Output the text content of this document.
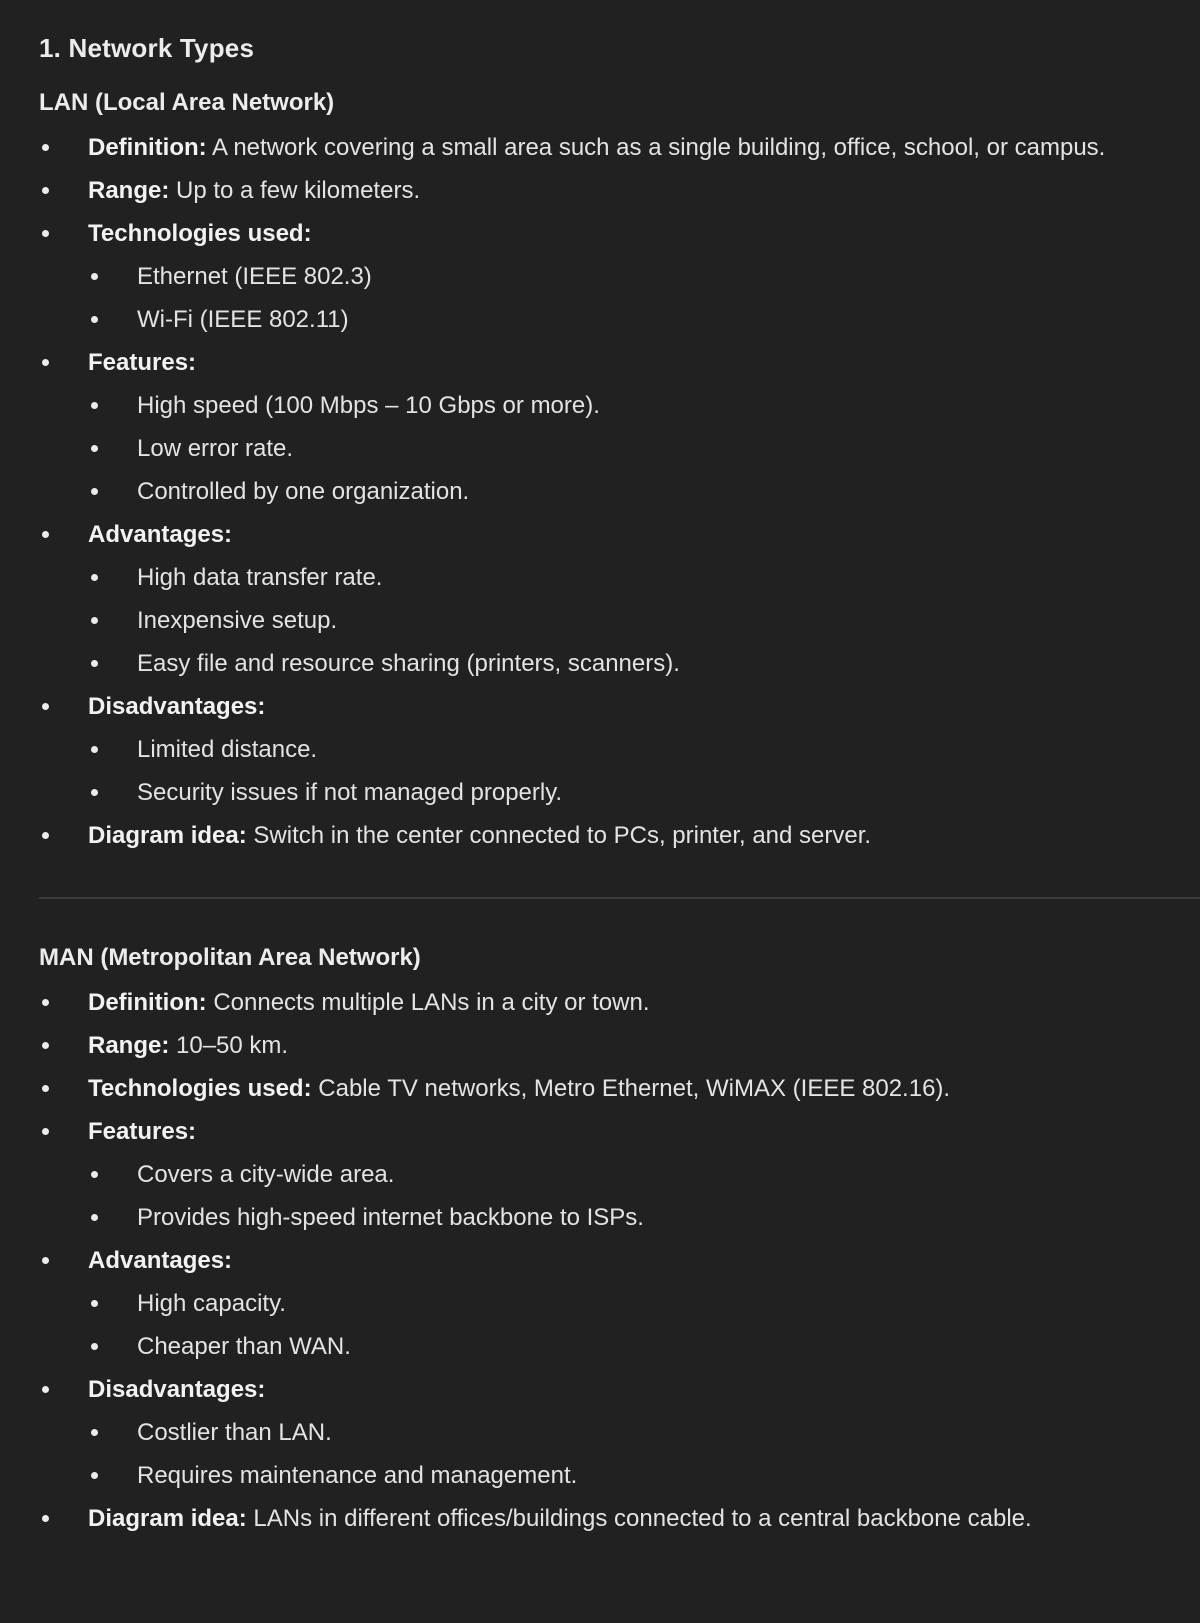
1. Network Types
LAN (Local Area Network)
Definition: A network covering a small area such as a single building, office, school, or campus.
Range: Up to a few kilometers.
Technologies used:
Ethernet (IEEE 802.3)
Wi-Fi (IEEE 802.11)
Features:
High speed (100 Mbps – 10 Gbps or more).
Low error rate.
Controlled by one organization.
Advantages:
High data transfer rate.
Inexpensive setup.
Easy file and resource sharing (printers, scanners).
Disadvantages:
Limited distance.
Security issues if not managed properly.
Diagram idea: Switch in the center connected to PCs, printer, and server.
MAN (Metropolitan Area Network)
Definition: Connects multiple LANs in a city or town.
Range: 10–50 km.
Technologies used: Cable TV networks, Metro Ethernet, WiMAX (IEEE 802.16).
Features:
Covers a city-wide area.
Provides high-speed internet backbone to ISPs.
Advantages:
High capacity.
Cheaper than WAN.
Disadvantages:
Costlier than LAN.
Requires maintenance and management.
Diagram idea: LANs in different offices/buildings connected to a central backbone cable.
